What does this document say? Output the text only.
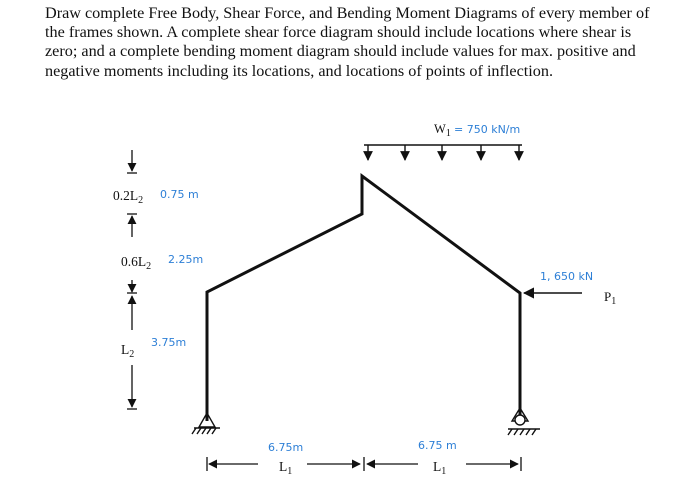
Draw complete Free Body, Shear Force, and Bending Moment Diagrams of every member of
the frames shown. A complete shear force diagram should include locations where shear is
zero; and a complete bending moment diagram should include values for max. positive and
negative moments including its locations, and locations of points of inflection.
$W_1 = 750$ kN/m
1, 650 kN
$P_1$
$0.2L_2$ 0.75 m
$0.6L_2$
2.25m
$L_2$
3.75m
6.75m
$L_1$
6.75 m
$L_1$
